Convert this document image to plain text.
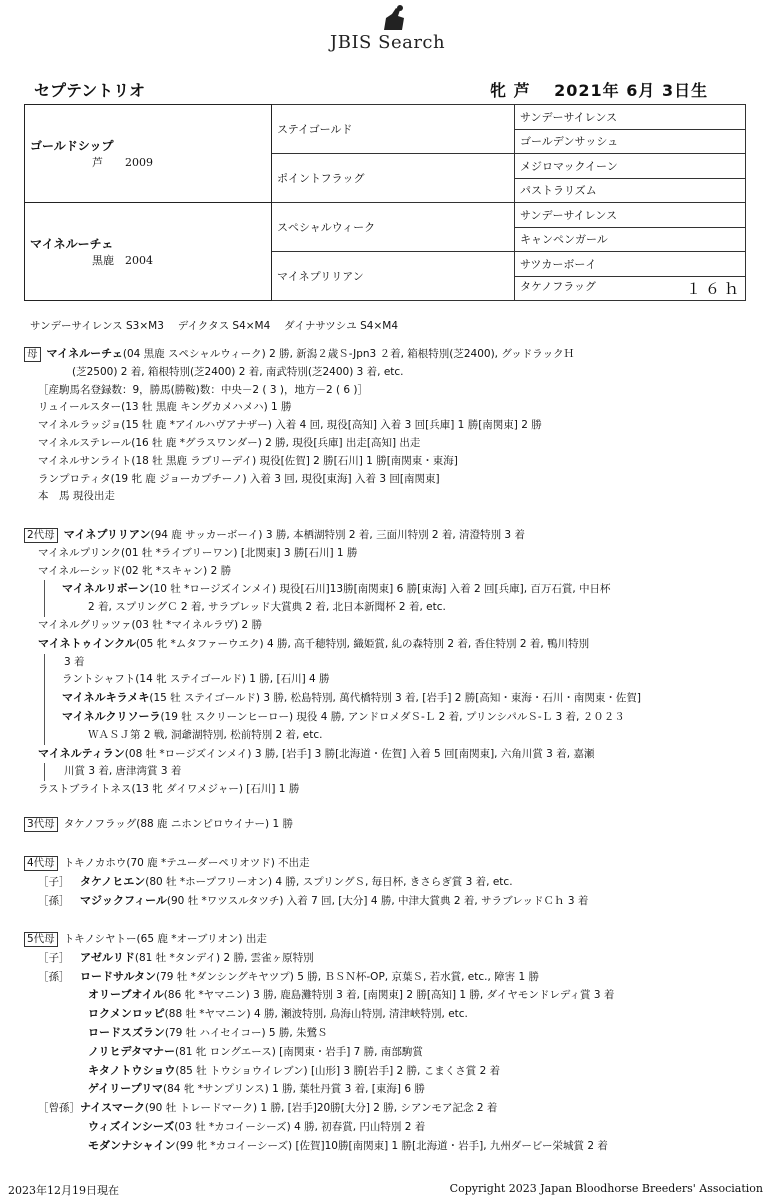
JBIS Search
セプテントリオ	牝 芦　 2021年 6月 3日生
ゴールドシップ
芦　　2009	ステイゴールド	サンデーサイレンス
		ゴールデンサッシュ
	ポイントフラッグ	メジロマックイーン
		パストラリズム

マイネルーチェ
黒鹿　2004	スペシャルウィーク	サンデーサイレンス
		キャンペンガール
	マイネプリリアン	サツカーボーイ
		タケノフラッグ １６ｈ
サンデーサイレンス S3×M3　 デイクタス S4×M4　 ダイナサツシユ S4×M4
母 マイネルーチェ(04 黒鹿 スペシャルウィーク) 2 勝, 新潟２歳Ｓ-Jpn3 ２着, 箱根特別(芝2400), グッドラックＨ
(芝2500) 2 着, 箱根特別(芝2400) 2 着, 南武特別(芝2400) 3 着, etc.
［産駒馬名登録数：9，勝馬(勝鞍)数：中央－2 ( 3 )，地方－2 ( 6 )］
リュイールスター(13 牡 黒鹿 キングカメハメハ) 1 勝
マイネルラッジョ(15 牡 鹿 *アイルハヴアナザー) 入着 4 回, 現役[高知] 入着 3 回[兵庫] 1 勝[南関東] 2 勝
マイネルステレール(16 牡 鹿 *グラスワンダー) 2 勝, 現役[兵庫] 出走[高知] 出走
マイネルサンライト(18 牡 黒鹿 ラブリーデイ) 現役[佐賀] 2 勝[石川] 1 勝[南関東・東海]
ランプロティタ(19 牝 鹿 ジョーカプチーノ) 入着 3 回, 現役[東海] 入着 3 回[南関東]
本　馬 現役出走
2代母 マイネプリリアン(94 鹿 サッカーボーイ) 3 勝, 本栖湖特別 2 着, 三面川特別 2 着, 清澄特別 3 着
マイネルプリンク(01 牡 *ライブリーワン) [北関東] 3 勝[石川] 1 勝
マイネルーシッド(02 牝 *スキャン) 2 勝
マイネルリボーン(10 牡 *ロージズインメイ) 現役[石川]13勝[南関東] 6 勝[東海] 入着 2 回[兵庫], 百万石賞, 中日杯
2 着, スプリングＣ 2 着, サラブレッド大賞典 2 着, 北日本新聞杯 2 着, etc.
マイネルグリッツァ(03 牡 *マイネルラヴ) 2 勝
マイネトゥインクル(05 牝 *ムタファーウエク) 4 勝, 高千穂特別, 織姫賞, 糺の森特別 2 着, 香住特別 2 着, 鴨川特別
3 着
ラントシャフト(14 牝 ステイゴールド) 1 勝, [石川] 4 勝
マイネルキラメキ(15 牡 ステイゴールド) 3 勝, 松島特別, 萬代橋特別 3 着, [岩手] 2 勝[高知・東海・石川・南関東・佐賀]
マイネルクリソーラ(19 牡 スクリーンヒーロー) 現役 4 勝, アンドロメダＳ-Ｌ 2 着, プリンシパルＳ-Ｌ 3 着, ２０２３
ＷＡＳＪ第 2 戦, 洞爺湖特別, 松前特別 2 着, etc.
マイネルティラン(08 牡 *ロージズインメイ) 3 勝, [岩手] 3 勝[北海道・佐賀] 入着 5 回[南関東], 六角川賞 3 着, 嘉瀬
川賞 3 着, 唐津湾賞 3 着
ラストブライトネス(13 牝 ダイワメジャー) [石川] 1 勝
3代母 タケノフラッグ(88 鹿 ニホンピロウイナー) 1 勝
4代母 トキノカホウ(70 鹿 *テユーダーペリオツド) 不出走
［子］ タケノヒエン(80 牡 *ホープフリーオン) 4 勝, スプリングＳ, 毎日杯, きさらぎ賞 3 着, etc.
［孫］ マジックフィール(90 牡 *ワツスルタツチ) 入着 7 回, [大分] 4 勝, 中津大賞典 2 着, サラブレッドＣｈ 3 着
5代母 トキノシヤトー(65 鹿 *オーブリオン) 出走
［子］ アゼルリド(81 牡 *タンデイ) 2 勝, 雲雀ヶ原特別
［孫］ ロードサルタン(79 牡 *ダンシングキヤツプ) 5 勝, ＢＳＮ杯-OP, 京葉Ｓ, 若水賞, etc., 障害 1 勝
オリーブオイル(86 牝 *ヤマニン) 3 勝, 鹿島灘特別 3 着, [南関東] 2 勝[高知] 1 勝, ダイヤモンドレディ賞 3 着
ロクメンロッピ(88 牡 *ヤマニン) 4 勝, 瀬波特別, 鳥海山特別, 清津峡特別, etc.
ロードスズラン(79 牡 ハイセイコー) 5 勝, 朱鷺Ｓ
ノリヒデタマナー(81 牝 ロングエース) [南関東・岩手] 7 勝, 南部駒賞
キタノトウショウ(85 牡 トウショウイレブン) [山形] 3 勝[岩手] 2 勝, こまくさ賞 2 着
ゲイリープリマ(84 牝 *サンプリンス) 1 勝, 葉牡丹賞 3 着, [東海] 6 勝
［曾孫］ナイスマーク(90 牡 トレードマーク) 1 勝, [岩手]20勝[大分] 2 勝, シアンモア記念 2 着
ウィズインシーズ(03 牡 *カコイーシーズ) 4 勝, 初春賞, 円山特別 2 着
モダンナシャイン(99 牝 *カコイーシーズ) [佐賀]10勝[南関東] 1 勝[北海道・岩手], 九州ダービー栄城賞 2 着
2023年12月19日現在	Copyright 2023 Japan Bloodhorse Breeders' Association
